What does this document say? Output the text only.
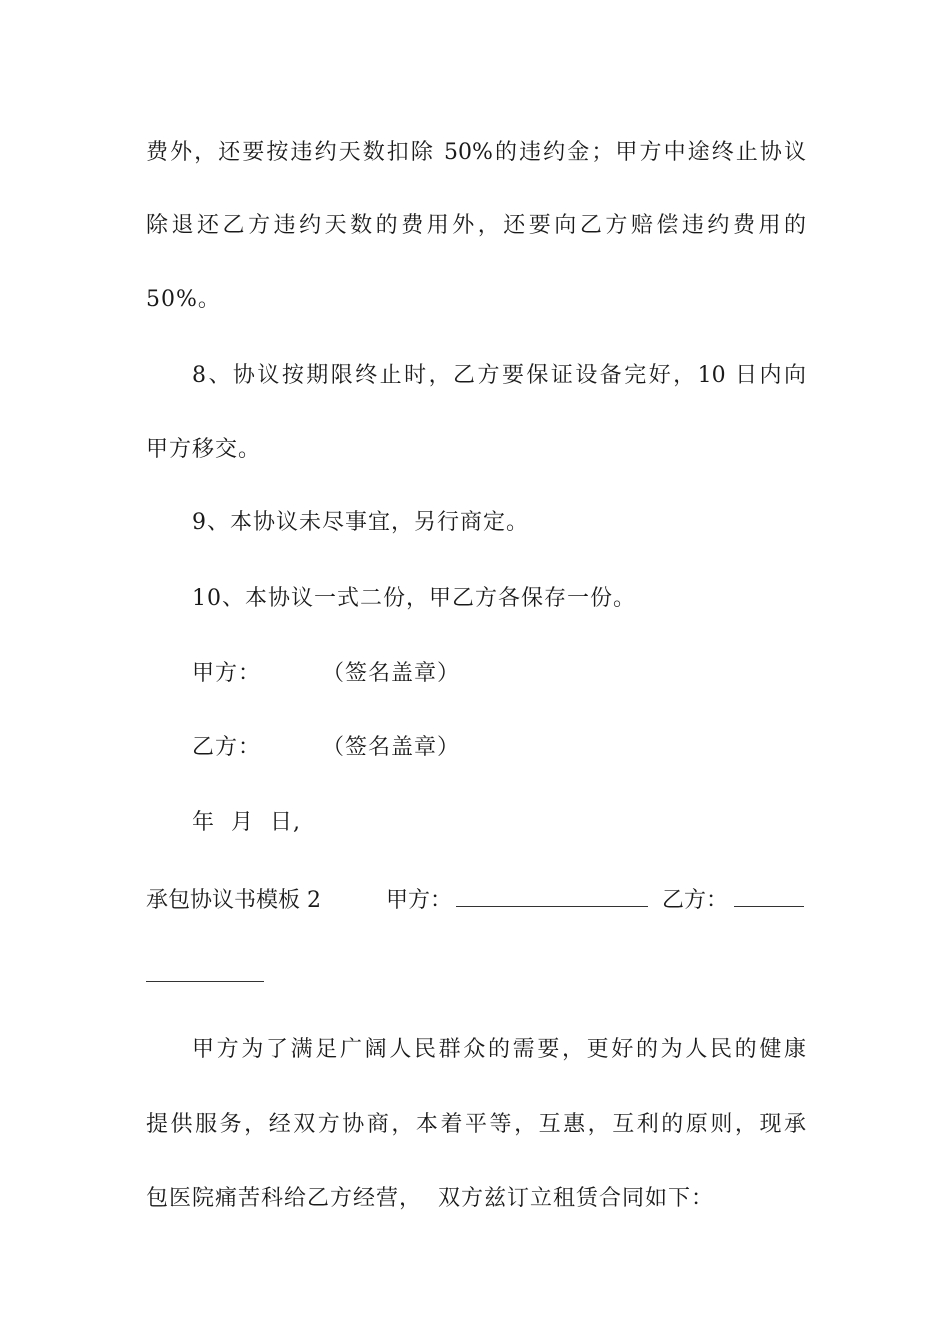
费外，还要按违约天数扣除 50%的违约金；甲方中途终止协议
除退还乙方违约天数的费用外，还要向乙方赔偿违约费用的
50%。
8、协议按期限终止时，乙方要保证设备完好，10 日内向
甲方移交。
9、本协议未尽事宜，另行商定。
10、本协议一式二份，甲乙方各保存一份。
甲方：	（签名盖章）
乙方：	（签名盖章）
年  月  日,
承包协议书模板 2	甲方：	乙方：
甲方为了满足广阔人民群众的需要，更好的为人民的健康
提供服务，经双方协商，本着平等，互惠，互利的原则，现承
包医院痛苦科给乙方经营，  双方兹订立租赁合同如下：
